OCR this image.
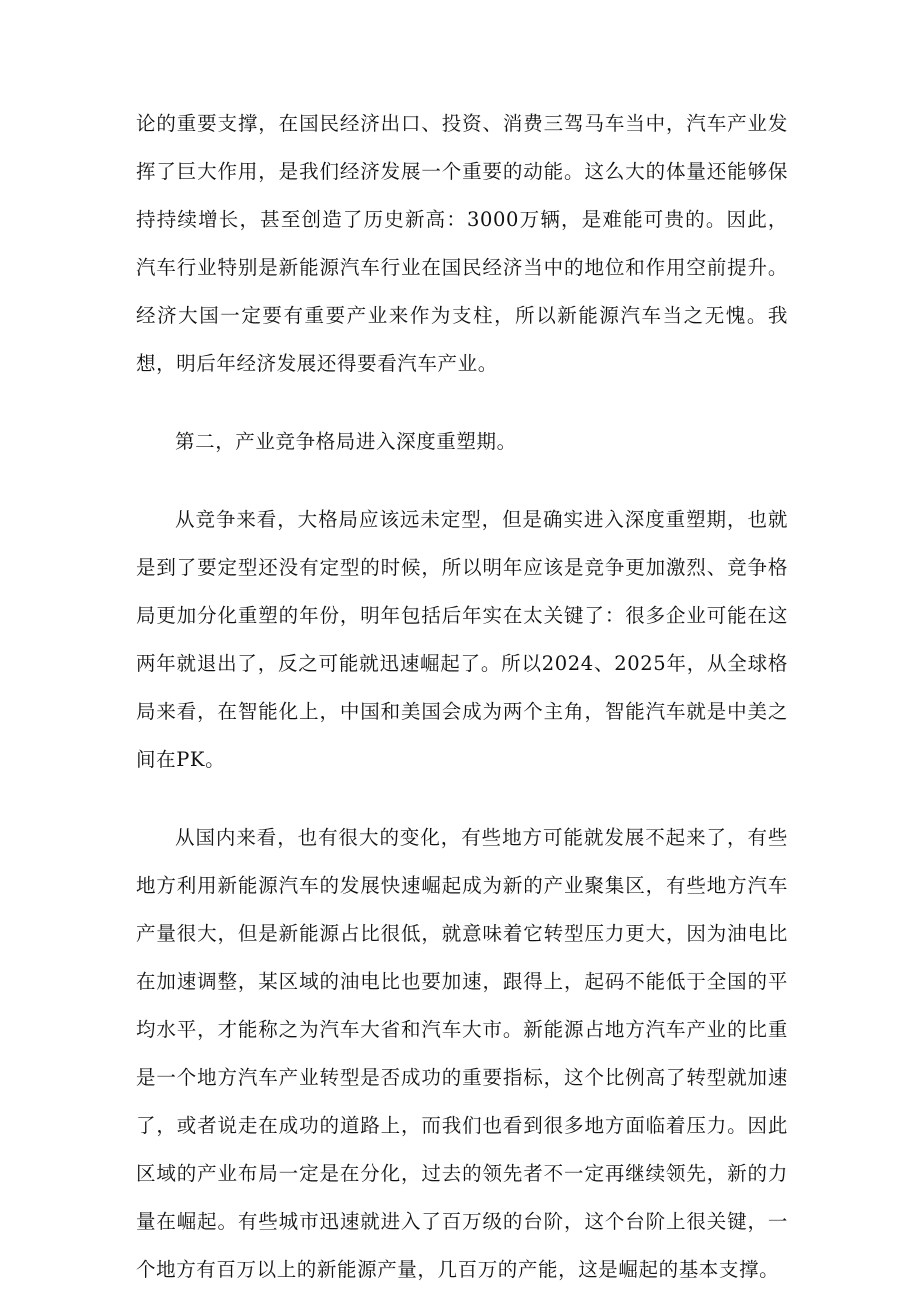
论的重要支撑，在国民经济出口、投资、消费三驾马车当中，汽车产业发挥了巨大作用，是我们经济发展一个重要的动能。这么大的体量还能够保持持续增长，甚至创造了历史新高：3000万辆，是难能可贵的。因此，汽车行业特别是新能源汽车行业在国民经济当中的地位和作用空前提升。经济大国一定要有重要产业来作为支柱，所以新能源汽车当之无愧。我想，明后年经济发展还得要看汽车产业。

第二，产业竞争格局进入深度重塑期。

从竞争来看，大格局应该远未定型，但是确实进入深度重塑期，也就是到了要定型还没有定型的时候，所以明年应该是竞争更加激烈、竞争格局更加分化重塑的年份，明年包括后年实在太关键了：很多企业可能在这两年就退出了，反之可能就迅速崛起了。所以2024、2025年，从全球格局来看，在智能化上，中国和美国会成为两个主角，智能汽车就是中美之间在PK。

从国内来看，也有很大的变化，有些地方可能就发展不起来了，有些地方利用新能源汽车的发展快速崛起成为新的产业聚集区，有些地方汽车产量很大，但是新能源占比很低，就意味着它转型压力更大，因为油电比在加速调整，某区域的油电比也要加速，跟得上，起码不能低于全国的平均水平，才能称之为汽车大省和汽车大市。新能源占地方汽车产业的比重是一个地方汽车产业转型是否成功的重要指标，这个比例高了转型就加速了，或者说走在成功的道路上，而我们也看到很多地方面临着压力。因此区域的产业布局一定是在分化，过去的领先者不一定再继续领先，新的力量在崛起。有些城市迅速就进入了百万级的台阶，这个台阶上很关键，一个地方有百万以上的新能源产量，几百万的产能，这是崛起的基本支撑。
